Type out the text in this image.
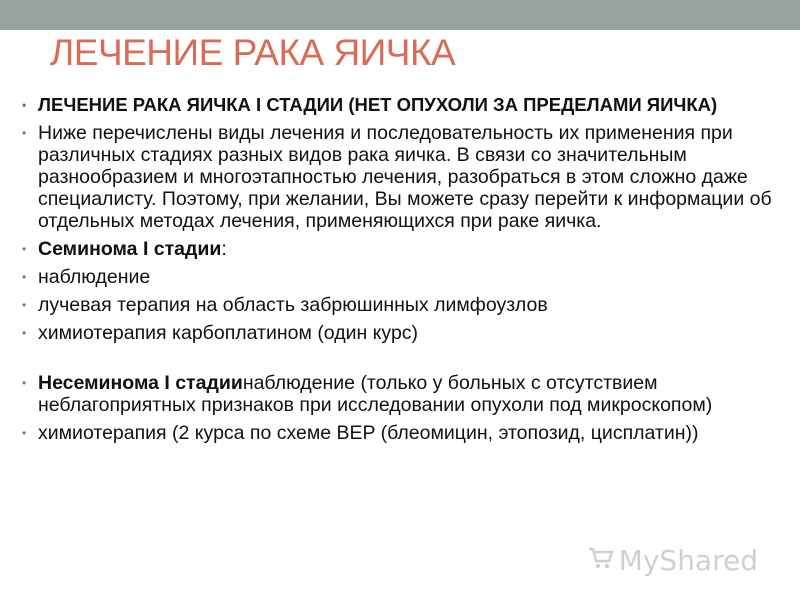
ЛЕЧЕНИЕ РАКА ЯИЧКА
• ЛЕЧЕНИЕ РАКА ЯИЧКА I СТАДИИ (НЕТ ОПУХОЛИ ЗА ПРЕДЕЛАМИ ЯИЧКА)
• Ниже перечислены виды лечения и последовательность их применения при различных стадиях разных видов рака яичка. В связи со значительным разнообразием и многоэтапностью лечения, разобраться в этом сложно даже специалисту. Поэтому, при желании, Вы можете сразу перейти к информации об отдельных методах лечения, применяющихся при раке яичка.
• Семинома I стадии:
• наблюдение
• лучевая терапия на область забрюшинных лимфоузлов
• химиотерапия карбоплатином (один курс)
• Несеминома I стадиинаблюдение (только у больных с отсутствием неблагоприятных признаков при исследовании опухоли под микроскопом)
• химиотерапия (2 курса по схеме BEP (блеомицин, этопозид, цисплатин))
MyShared
